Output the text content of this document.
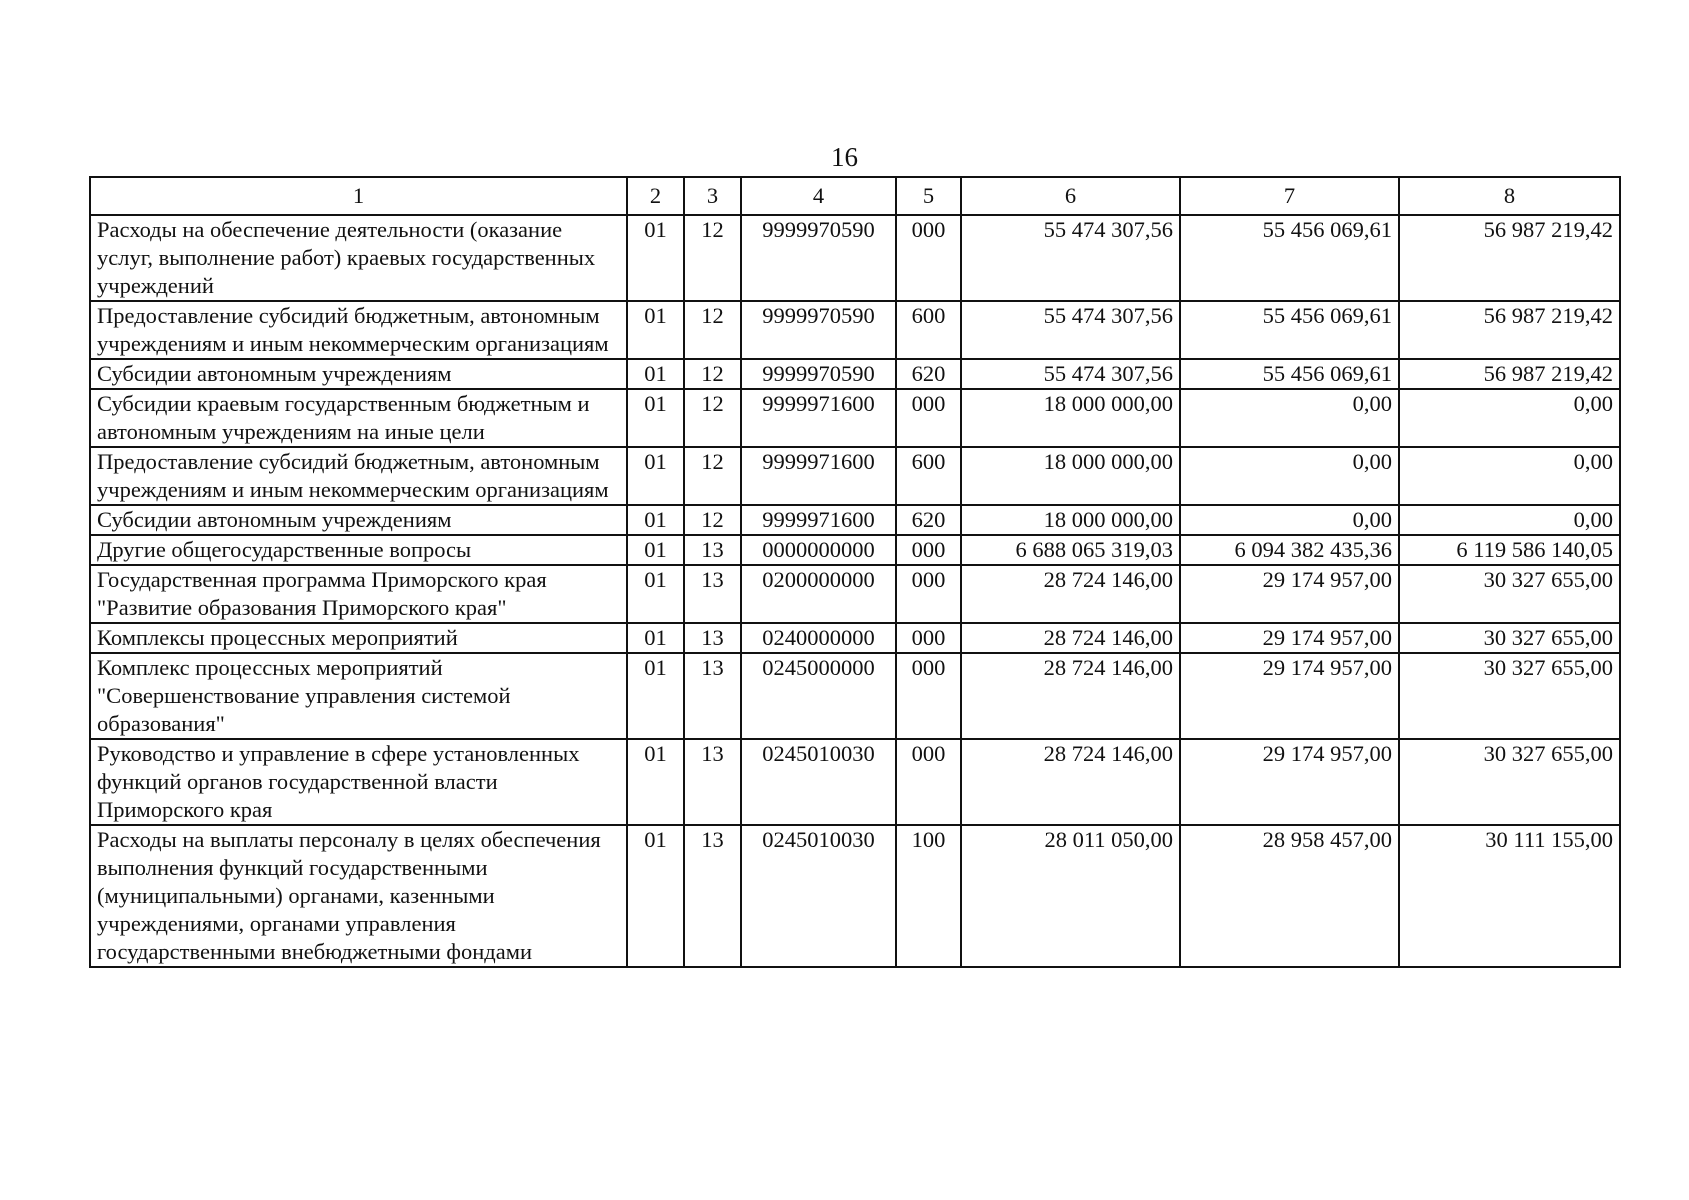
16
1	2	3	4	5	6	7	8
Расходы на обеспечение деятельности (оказание услуг, выполнение работ) краевых государственных учреждений	01	12	9999970590	000	55 474 307,56	55 456 069,61	56 987 219,42
Предоставление субсидий бюджетным, автономным учреждениям и иным некоммерческим организациям	01	12	9999970590	600	55 474 307,56	55 456 069,61	56 987 219,42
Субсидии автономным учреждениям	01	12	9999970590	620	55 474 307,56	55 456 069,61	56 987 219,42
Субсидии краевым государственным бюджетным и автономным учреждениям на иные цели	01	12	9999971600	000	18 000 000,00	0,00	0,00
Предоставление субсидий бюджетным, автономным учреждениям и иным некоммерческим организациям	01	12	9999971600	600	18 000 000,00	0,00	0,00
Субсидии автономным учреждениям	01	12	9999971600	620	18 000 000,00	0,00	0,00
Другие общегосударственные вопросы	01	13	0000000000	000	6 688 065 319,03	6 094 382 435,36	6 119 586 140,05
Государственная программа Приморского края "Развитие образования Приморского края"	01	13	0200000000	000	28 724 146,00	29 174 957,00	30 327 655,00
Комплексы процессных мероприятий	01	13	0240000000	000	28 724 146,00	29 174 957,00	30 327 655,00
Комплекс процессных мероприятий "Совершенствование управления системой образования"	01	13	0245000000	000	28 724 146,00	29 174 957,00	30 327 655,00
Руководство и управление в сфере установленных функций органов государственной власти Приморского края	01	13	0245010030	000	28 724 146,00	29 174 957,00	30 327 655,00
Расходы на выплаты персоналу в целях обеспечения выполнения функций государственными (муниципальными) органами, казенными учреждениями, органами управления государственными внебюджетными фондами	01	13	0245010030	100	28 011 050,00	28 958 457,00	30 111 155,00
